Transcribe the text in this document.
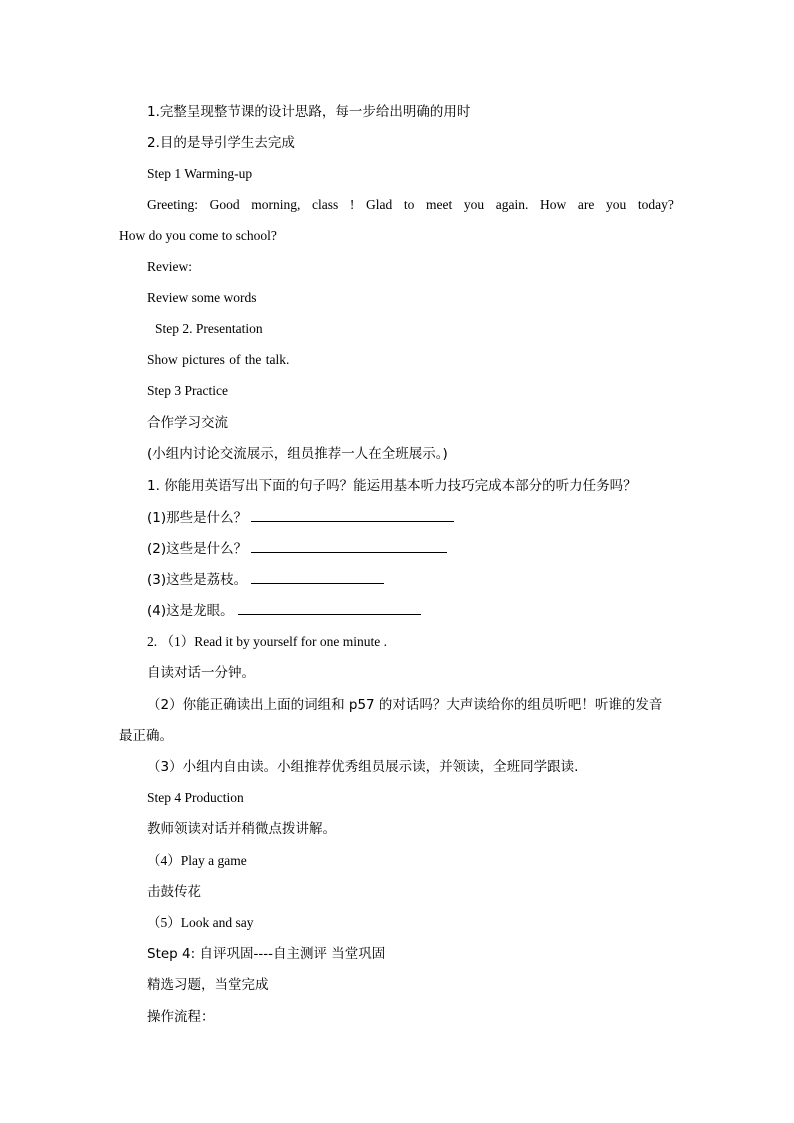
1.完整呈现整节课的设计思路，每一步给出明确的用时
2.目的是导引学生去完成
Step 1 Warming-up
Greeting: Good morning, class ! Glad to meet you again. How are you today?
How do you come to school?
Review:
Review some words
Step 2. Presentation
Show pictures of the talk.
Step 3 Practice
合作学习交流
(小组内讨论交流展示，组员推荐一人在全班展示。)
1. 你能用英语写出下面的句子吗？能运用基本听力技巧完成本部分的听力任务吗？
(1)那些是什么？
(2)这些是什么？
(3)这些是荔枝。
(4)这是龙眼。
2. （1）Read it by yourself for one minute .
自读对话一分钟。
（2）你能正确读出上面的词组和 p57 的对话吗？大声读给你的组员听吧！听谁的发音
最正确。
（3）小组内自由读。小组推荐优秀组员展示读，并领读，全班同学跟读.
Step 4 Production
教师领读对话并稍微点拨讲解。
（4）Play a game
击鼓传花
（5）Look and say
Step 4: 自评巩固----自主测评 当堂巩固
精选习题，当堂完成
操作流程：
